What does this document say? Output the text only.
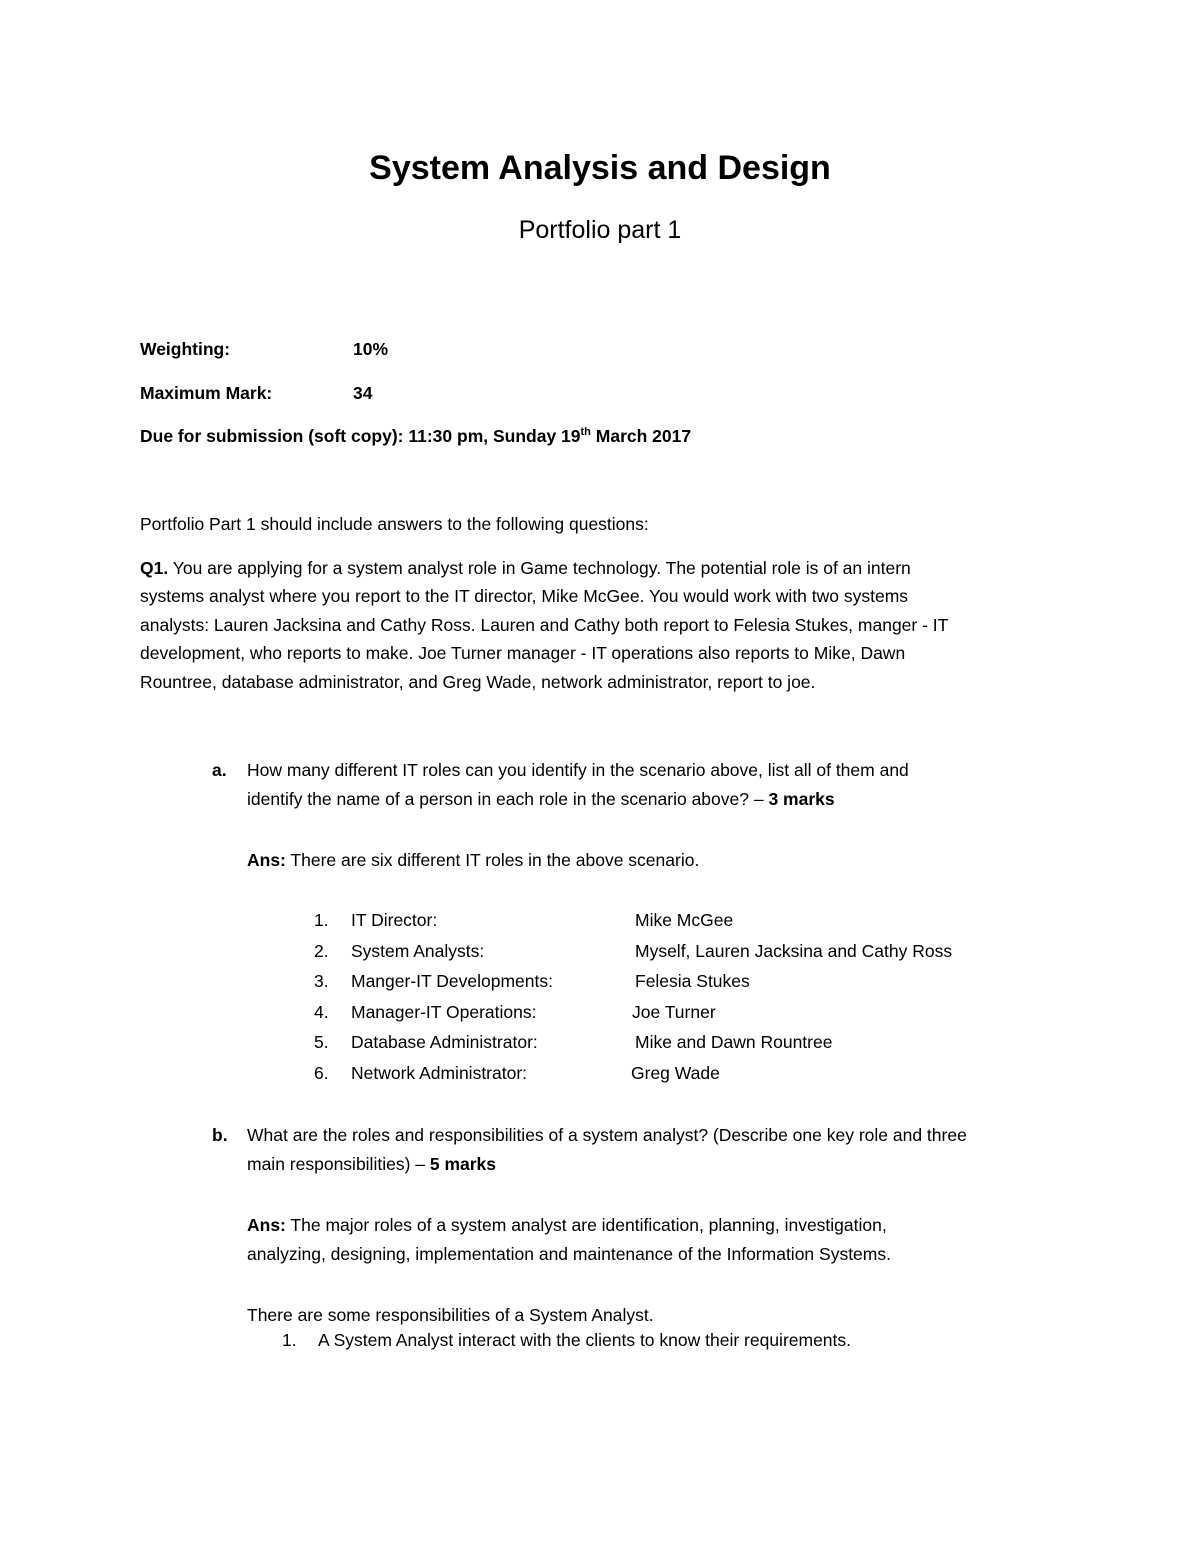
System Analysis and Design
Portfolio part 1
Weighting:	10%
Maximum Mark:	34
Due for submission (soft copy): 11:30 pm, Sunday 19th March 2017
Portfolio Part 1 should include answers to the following questions:
Q1. You are applying for a system analyst role in Game technology. The potential role is of an intern
systems analyst where you report to the IT director, Mike McGee. You would work with two systems
analysts: Lauren Jacksina and Cathy Ross. Lauren and Cathy both report to Felesia Stukes, manger - IT
development, who reports to make. Joe Turner manager - IT operations also reports to Mike, Dawn
Rountree, database administrator, and Greg Wade, network administrator, report to joe.
a. How many different IT roles can you identify in the scenario above, list all of them and
identify the name of a person in each role in the scenario above? – 3 marks
Ans: There are six different IT roles in the above scenario.
1. IT Director:	Mike McGee
2. System Analysts:	Myself, Lauren Jacksina and Cathy Ross
3. Manger-IT Developments:	Felesia Stukes
4. Manager-IT Operations:	Joe Turner
5. Database Administrator:	Mike and Dawn Rountree
6. Network Administrator:	Greg Wade
b. What are the roles and responsibilities of a system analyst? (Describe one key role and three
main responsibilities) – 5 marks
Ans: The major roles of a system analyst are identification, planning, investigation,
analyzing, designing, implementation and maintenance of the Information Systems.
There are some responsibilities of a System Analyst.
1. A System Analyst interact with the clients to know their requirements.
